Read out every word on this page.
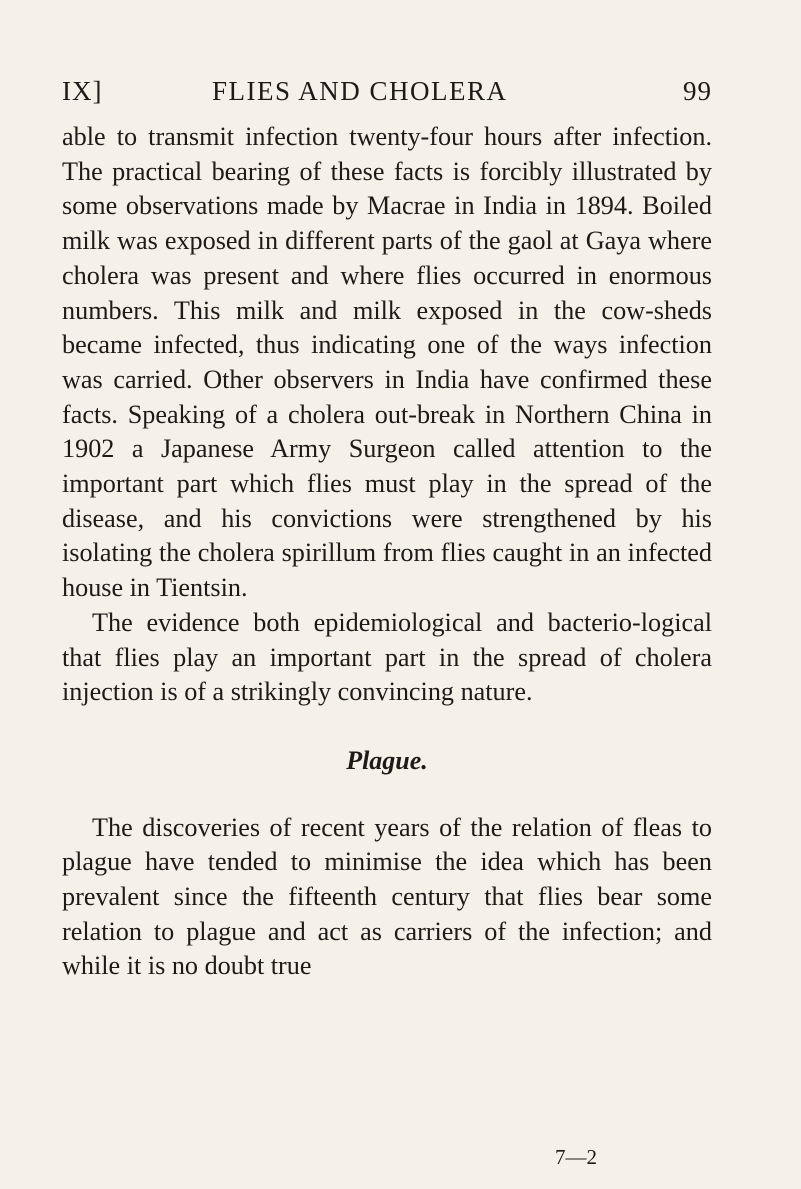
IX]	FLIES AND CHOLERA	99

able to transmit infection twenty-four hours after infection. The practical bearing of these facts is forcibly illustrated by some observations made by Macrae in India in 1894. Boiled milk was exposed in different parts of the gaol at Gaya where cholera was present and where flies occurred in enormous numbers. This milk and milk exposed in the cow-sheds became infected, thus indicating one of the ways infection was carried. Other observers in India have confirmed these facts. Speaking of a cholera out-break in Northern China in 1902 a Japanese Army Surgeon called attention to the important part which flies must play in the spread of the disease, and his convictions were strengthened by his isolating the cholera spirillum from flies caught in an infected house in Tientsin.

The evidence both epidemiological and bacterio-logical that flies play an important part in the spread of cholera injection is of a strikingly convincing nature.

Plague.

The discoveries of recent years of the relation of fleas to plague have tended to minimise the idea which has been prevalent since the fifteenth century that flies bear some relation to plague and act as carriers of the infection; and while it is no doubt true

7—2
